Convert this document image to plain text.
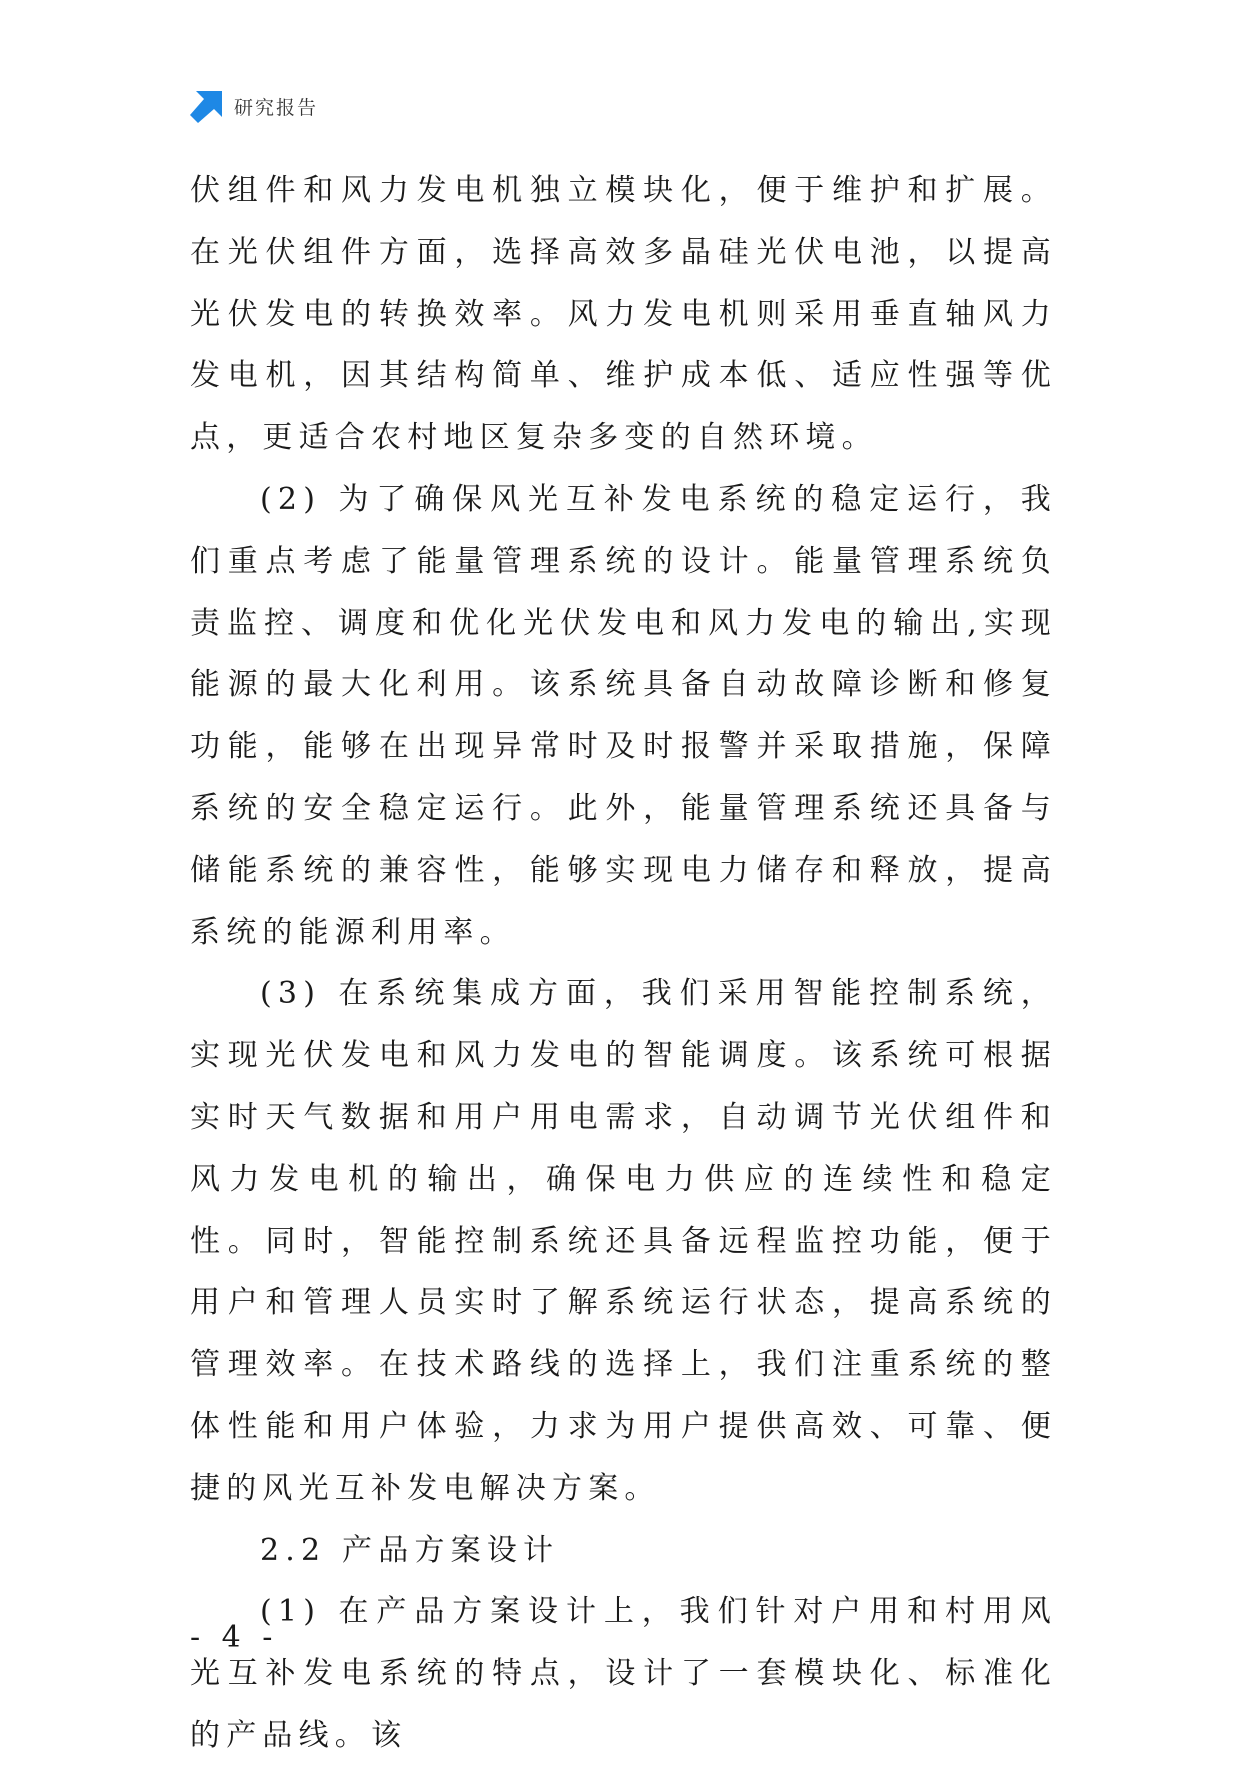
研究报告

伏组件和风力发电机独立模块化，便于维护和扩展。在光伏组件方面，选择高效多晶硅光伏电池，以提高光伏发电的转换效率。风力发电机则采用垂直轴风力发电机，因其结构简单、维护成本低、适应性强等优点，更适合农村地区复杂多变的自然环境。

(2) 为了确保风光互补发电系统的稳定运行，我们重点考虑了能量管理系统的设计。能量管理系统负责监控、调度和优化光伏发电和风力发电的输出,实现能源的最大化利用。该系统具备自动故障诊断和修复功能，能够在出现异常时及时报警并采取措施，保障系统的安全稳定运行。此外，能量管理系统还具备与储能系统的兼容性，能够实现电力储存和释放，提高系统的能源利用率。

(3) 在系统集成方面，我们采用智能控制系统，实现光伏发电和风力发电的智能调度。该系统可根据实时天气数据和用户用电需求，自动调节光伏组件和风力发电机的输出，确保电力供应的连续性和稳定性。同时，智能控制系统还具备远程监控功能，便于用户和管理人员实时了解系统运行状态，提高系统的管理效率。在技术路线的选择上，我们注重系统的整体性能和用户体验，力求为用户提供高效、可靠、便捷的风光互补发电解决方案。

2.2 产品方案设计

(1) 在产品方案设计上，我们针对户用和村用风光互补发电系统的特点，设计了一套模块化、标准化的产品线。该

- 4 -
